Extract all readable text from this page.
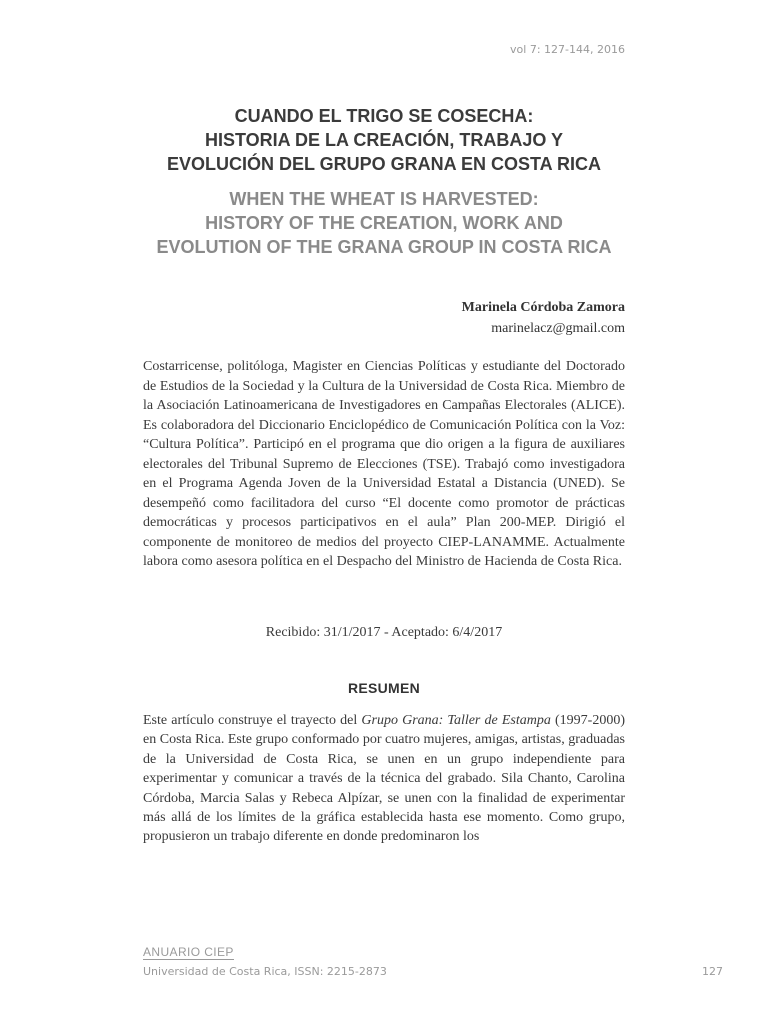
vol 7: 127-144, 2016
CUANDO EL TRIGO SE COSECHA:
HISTORIA DE LA CREACIÓN, TRABAJO Y
EVOLUCIÓN DEL GRUPO GRANA EN COSTA RICA
WHEN THE WHEAT IS HARVESTED:
HISTORY OF THE CREATION, WORK AND
EVOLUTION OF THE GRANA GROUP IN COSTA RICA
Marinela Córdoba Zamora
marinelacz@gmail.com

Costarricense, politóloga, Magister en Ciencias Políticas y estudiante del Doctorado de Estudios de la Sociedad y la Cultura de la Universidad de Costa Rica. Miembro de la Asociación Latinoamericana de Investigadores en Campañas Electorales (ALICE). Es colaboradora del Diccionario Enciclopédico de Comunicación Política con la Voz: “Cultura Política”. Participó en el programa que dio origen a la figura de auxiliares electorales del Tribunal Supremo de Elecciones (TSE). Trabajó como investigadora en el Programa Agenda Joven de la Universidad Estatal a Distancia (UNED). Se desempeñó como facilitadora del curso “El docente como promotor de prácticas democráticas y procesos participativos en el aula” Plan 200-MEP. Dirigió el componente de monitoreo de medios del proyecto CIEP-LANAMME. Actualmente labora como asesora política en el Despacho del Ministro de Hacienda de Costa Rica.

Recibido: 31/1/2017 - Aceptado: 6/4/2017
RESUMEN

Este artículo construye el trayecto del Grupo Grana: Taller de Estampa (1997-2000) en Costa Rica. Este grupo conformado por cuatro mujeres, amigas, artistas, graduadas de la Universidad de Costa Rica, se unen en un grupo independiente para experimentar y comunicar a través de la técnica del grabado. Sila Chanto, Carolina Córdoba, Marcia Salas y Rebeca Alpízar, se unen con la finalidad de experimentar más allá de los límites de la gráfica establecida hasta ese momento. Como grupo, propusieron un trabajo diferente en donde predominaron los

ANUARIO CIEP
Universidad de Costa Rica, ISSN: 2215-2873	127
